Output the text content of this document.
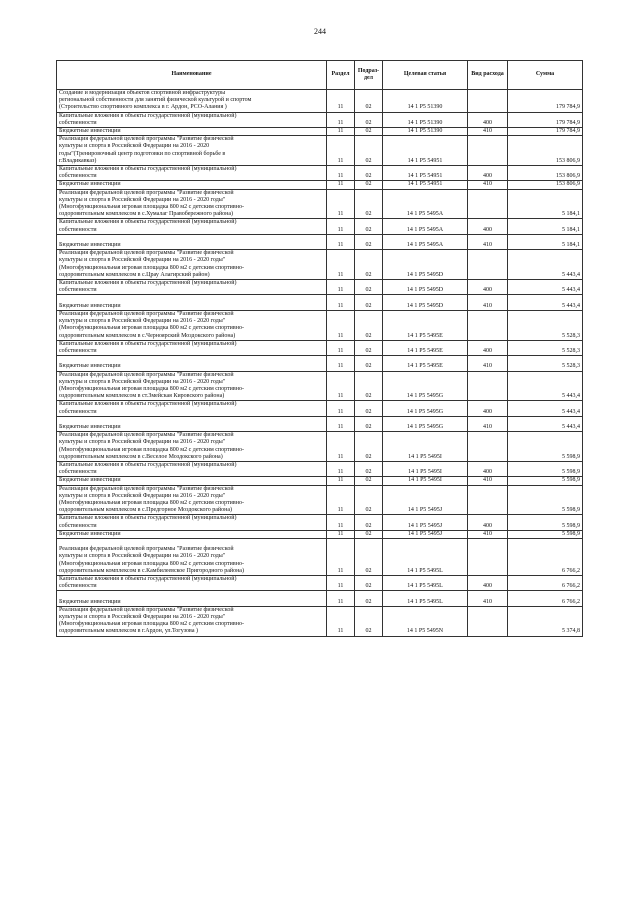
244
Наименование	Раздел	Подраз-дел	Целевая статья	Вид расхода	Сумма

Создание и модернизация объектов спортивной инфраструктуры
региональной собственности для занятий физической культурой и спортом
(Строительство спортивного комплекса в г. Ардон, РСО-Алания )	11	02	14 1 Р5 51390		179 784,9

Капитальные вложения в объекты государственной (муниципальной)
собственности	11	02	14 1 Р5 51390	400	179 784,9

Бюджетные инвестиции	11	02	14 1 Р5 51390	410	179 784,9

Реализация федеральной целевой программы "Развитие физической
культуры и спорта в Российской Федерации на 2016 - 2020
годы"(Тренировочный центр подготовки по спортивной борьбе в
г.Владикавказ)	11	02	14 1 Р5 54951		153 806,9

Капитальные вложения в объекты государственной (муниципальной)
собственности	11	02	14 1 Р5 54951	400	153 806,9

Бюджетные инвестиции	11	02	14 1 Р5 54951	410	153 806,9

Реализация федеральной целевой программы "Развитие физической
культуры и спорта в Российской Федерации на 2016 - 2020 годы"
(Многофункциональная игровая площадка 800 м2 с детским спортивно-
оздоровительным комплексом в с.Хумалаг Правобережного района)	11	02	14 1 Р5 5495А		5 184,1

Капитальные вложения в объекты государственной (муниципальной)
собственности	11	02	14 1 Р5 5495А	400	5 184,1

Бюджетные инвестиции	11	02	14 1 Р5 5495А	410	5 184,1

Реализация федеральной целевой программы "Развитие физической
культуры и спорта в Российской Федерации на 2016 - 2020 годы"
(Многофункциональная игровая площадка 800 м2 с детским спортивно-
оздоровительным комплексом в с.Црау Алагирский район)	11	02	14 1 Р5 5495D		5 443,4

Капитальные вложения в объекты государственной (муниципальной)
собственности	11	02	14 1 Р5 5495D	400	5 443,4

Бюджетные инвестиции	11	02	14 1 Р5 5495D	410	5 443,4

Реализация федеральной целевой программы "Развитие физической
культуры и спорта в Российской Федерации на 2016 - 2020 годы"
(Многофункциональная игровая площадка 800 м2 с детским спортивно-
оздоровительным комплексом в с.Черноярский Моздокского района)	11	02	14 1 Р5 5495Е		5 528,3

Капитальные вложения в объекты государственной (муниципальной)
собственности	11	02	14 1 Р5 5495Е	400	5 528,3

Бюджетные инвестиции	11	02	14 1 Р5 5495Е	410	5 528,3

Реализация федеральной целевой программы "Развитие физической
культуры и спорта в Российской Федерации на 2016 - 2020 годы"
(Многофункциональная игровая площадка 800 м2 с детским спортивно-
оздоровительным комплексом в ст.Змейская Кировского района)	11	02	14 1 Р5 5495G		5 443,4

Капитальные вложения в объекты государственной (муниципальной)
собственности	11	02	14 1 Р5 5495G	400	5 443,4

Бюджетные инвестиции	11	02	14 1 Р5 5495G	410	5 443,4

Реализация федеральной целевой программы "Развитие физической
культуры и спорта в Российской Федерации на 2016 - 2020 годы"
(Многофункциональная игровая площадка 800 м2 с детским спортивно-
оздоровительным комплексом в с.Веселое Моздокского района)	11	02	14 1 Р5 5495I		5 598,9

Капитальные вложения в объекты государственной (муниципальной)
собственности	11	02	14 1 Р5 5495I	400	5 598,9

Бюджетные инвестиции	11	02	14 1 Р5 5495I	410	5 598,9

Реализация федеральной целевой программы "Развитие физической
культуры и спорта в Российской Федерации на 2016 - 2020 годы"
(Многофункциональная игровая площадка 800 м2 с детским спортивно-
оздоровительным комплексом в с.Предгорное Моздокского района)	11	02	14 1 Р5 5495J		5 598,9

Капитальные вложения в объекты государственной (муниципальной)
собственности	11	02	14 1 Р5 5495J	400	5 598,9

Бюджетные инвестиции	11	02	14 1 Р5 5495J	410	5 598,9

Реализация федеральной целевой программы "Развитие физической
культуры и спорта в Российской Федерации на 2016 - 2020 годы"
(Многофункциональная игровая площадка 800 м2 с детским спортивно-
оздоровительным комплексом в с.Камбилеевское Пригородного района)	11	02	14 1 Р5 5495L		6 766,2

Капитальные вложения в объекты государственной (муниципальной)
собственности	11	02	14 1 Р5 5495L	400	6 766,2

Бюджетные инвестиции	11	02	14 1 Р5 5495L	410	6 766,2

Реализация федеральной целевой программы "Развитие физической
культуры и спорта в Российской Федерации на 2016 - 2020 годы"
(Многофункциональная игровая площадка 800 м2 с детским спортивно-
оздоровительным комплексом в г.Ардон, ул.Тогузова )	11	02	14 1 Р5 5495N		5 374,8
